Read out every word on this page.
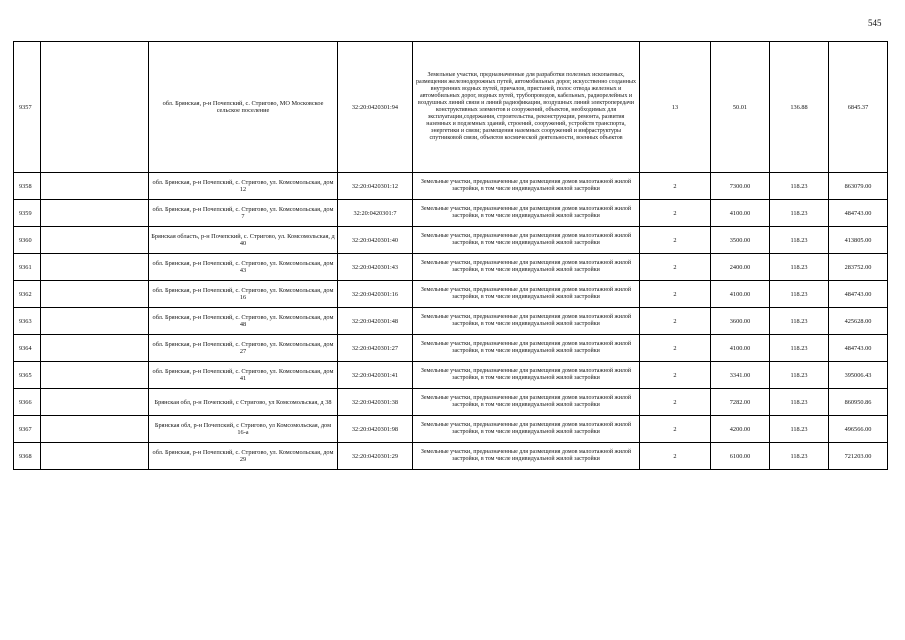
545
9357		обл. Брянская, р-н Почепский, с. Стригово, МО Московское сельское поселение	32:20:0420301:94	Земельные участки, предназначенные для разработки полезных ископаемых, размещения железнодорожных путей, автомобильных дорог, искусственно созданных внутренних водных путей, причалов, пристаней, полос отвода железных и автомобильных дорог, водных путей, трубопроводов, кабельных, радиорелейных и воздушных линий связи и линий радиофикации, воздушных линий электропередачи конструктивных элементов и сооружений, объектов, необходимых для эксплуатации,содержания, строительства, реконструкции, ремонта, развития наземных и подземных зданий, строений, сооружений, устройств транспорта, энергетики и связи; размещения наземных сооружений и инфраструктуры спутниковой связи, объектов космической деятельности, военных объектов	13	50.01	136.88	6845.37
9358		обл. Брянская, р-н Почепский, с. Стригово, ул. Комсомольская, дом 12	32:20:0420301:12	Земельные участки, предназначенные для размещения домов малоэтажной жилой застройки, в том числе индивидуальной жилой застройки	2	7300.00	118.23	863079.00
9359		обл. Брянская, р-н Почепский, с. Стригово, ул. Комсомольская, дом 7	32:20:0420301:7	Земельные участки, предназначенные для размещения домов малоэтажной жилой застройки, в том числе индивидуальной жилой застройки	2	4100.00	118.23	484743.00
9360		Брянская область, р-н Почепский, с. Стригово, ул. Комсомольская, д 40	32:20:0420301:40	Земельные участки, предназначенные для размещения домов малоэтажной жилой застройки, в том числе индивидуальной жилой застройки	2	3500.00	118.23	413805.00
9361		обл. Брянская, р-н Почепский, с. Стригово, ул. Комсомольская, дом 43	32:20:0420301:43	Земельные участки, предназначенные для размещения домов малоэтажной жилой застройки, в том числе индивидуальной жилой застройки	2	2400.00	118.23	283752.00
9362		обл. Брянская, р-н Почепский, с. Стригово, ул. Комсомольская, дом 16	32:20:0420301:16	Земельные участки, предназначенные для размещения домов малоэтажной жилой застройки, в том числе индивидуальной жилой застройки	2	4100.00	118.23	484743.00
9363		обл. Брянская, р-н Почепский, с. Стригово, ул. Комсомольская, дом 48	32:20:0420301:48	Земельные участки, предназначенные для размещения домов малоэтажной жилой застройки, в том числе индивидуальной жилой застройки	2	3600.00	118.23	425628.00
9364		обл. Брянская, р-н Почепский, с. Стригово, ул. Комсомольская, дом 27	32:20:0420301:27	Земельные участки, предназначенные для размещения домов малоэтажной жилой застройки, в том числе индивидуальной жилой застройки	2	4100.00	118.23	484743.00
9365		обл. Брянская, р-н Почепский, с. Стригово, ул. Комсомольская, дом 41	32:20:0420301:41	Земельные участки, предназначенные для размещения домов малоэтажной жилой застройки, в том числе индивидуальной жилой застройки	2	3341.00	118.23	395006.43
9366		Брянская обл, р-н Почепский, с Стригово, ул Комсомольская, д 38	32:20:0420301:38	Земельные участки, предназначенные для размещения домов малоэтажной жилой застройки, в том числе индивидуальной жилой застройки	2	7282.00	118.23	860950.86
9367		Брянская обл, р-н Почепский, с Стригово, ул Комсомольская, дом 16-а	32:20:0420301:98	Земельные участки, предназначенные для размещения домов малоэтажной жилой застройки, в том числе индивидуальной жилой застройки	2	4200.00	118.23	496566.00
9368		обл. Брянская, р-н Почепский, с. Стригово, ул. Комсомольская, дом 29	32:20:0420301:29	Земельные участки, предназначенные для размещения домов малоэтажной жилой застройки, в том числе индивидуальной жилой застройки	2	6100.00	118.23	721203.00
